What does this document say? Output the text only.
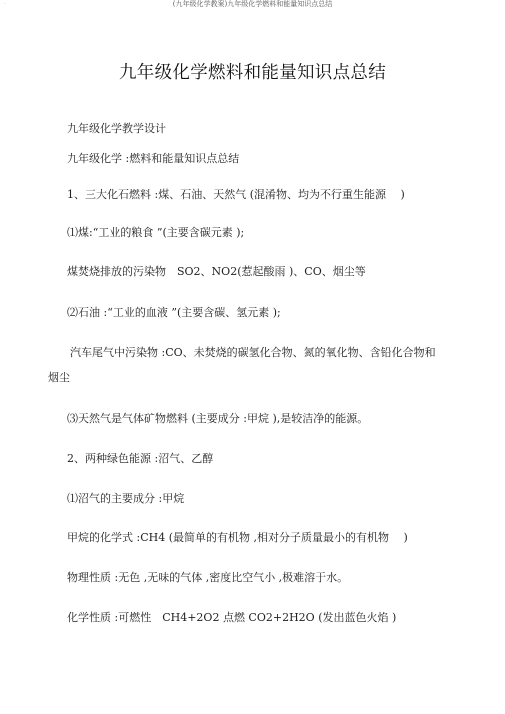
·	(九年级化学教案)九年级化学燃料和能量知识点总结
九年级化学燃料和能量知识点总结
九年级化学教学设计
九年级化学 :燃料和能量知识点总结
1、三大化石燃料 :煤、石油、天然气 (混淆物、均为不行重生能源　 )
⑴煤:“工业的粮食 ”(主要含碳元素 );
煤焚烧排放的污染物　SO2、NO2(惹起酸雨 )、CO、烟尘等
⑵石油 :“工业的血液 ”(主要含碳、氢元素 );
汽车尾气中污染物 :CO、未焚烧的碳氢化合物、氮的氧化物、含铅化合物和
烟尘
⑶天然气是气体矿物燃料 (主要成分 :甲烷 ),是较洁净的能源。
2、两种绿色能源 :沼气、乙醇
⑴沼气的主要成分 :甲烷
甲烷的化学式 :CH4 (最简单的有机物 ,相对分子质量最小的有机物　 )
物理性质 :无色 ,无味的气体 ,密度比空气小 ,极难溶于水。
化学性质 :可燃性　CH4+2O2 点燃 CO2+2H2O (发出蓝色火焰 )
